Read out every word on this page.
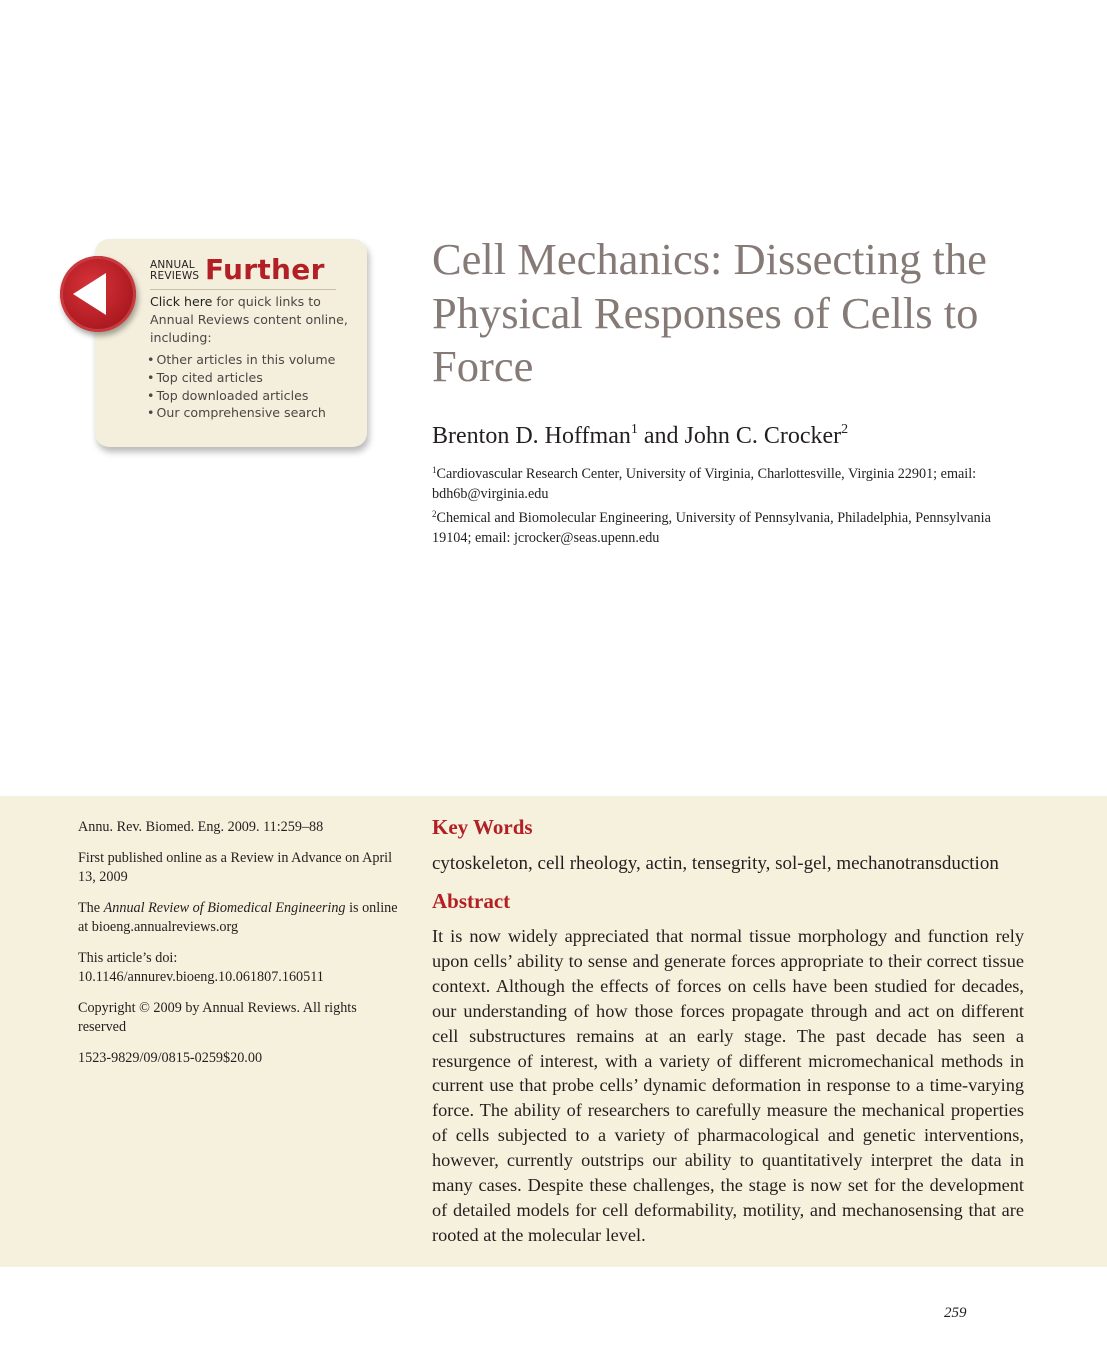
ANNUAL
REVIEWS Further
Click here for quick links to Annual Reviews content online, including:
• Other articles in this volume
• Top cited articles
• Top downloaded articles
• Our comprehensive search
Cell Mechanics: Dissecting the Physical Responses of Cells to Force
Brenton D. Hoffman$^1$ and John C. Crocker$^2$
$^1$Cardiovascular Research Center, University of Virginia, Charlottesville, Virginia 22901; email: bdh6b@virginia.edu
$^2$Chemical and Biomolecular Engineering, University of Pennsylvania, Philadelphia, Pennsylvania 19104; email: jcrocker@seas.upenn.edu

Annu. Rev. Biomed. Eng. 2009. 11:259–88

First published online as a Review in Advance on April 13, 2009

The Annual Review of Biomedical Engineering is online at bioeng.annualreviews.org

This article’s doi: 10.1146/annurev.bioeng.10.061807.160511

Copyright © 2009 by Annual Reviews. All rights reserved

1523-9829/09/0815-0259$20.00

Key Words
cytoskeleton, cell rheology, actin, tensegrity, sol-gel, mechanotransduction
Abstract

It is now widely appreciated that normal tissue morphology and function rely upon cells’ ability to sense and generate forces appropriate to their correct tissue context. Although the effects of forces on cells have been studied for decades, our understanding of how those forces propagate through and act on different cell substructures remains at an early stage. The past decade has seen a resurgence of interest, with a variety of different micromechanical methods in current use that probe cells’ dynamic deformation in response to a time-varying force. The ability of researchers to carefully measure the mechanical properties of cells subjected to a variety of pharmacological and genetic interventions, however, currently outstrips our ability to quantitatively interpret the data in many cases. Despite these challenges, the stage is now set for the development of detailed models for cell deformability, motility, and mechanosensing that are rooted at the molecular level.

259
